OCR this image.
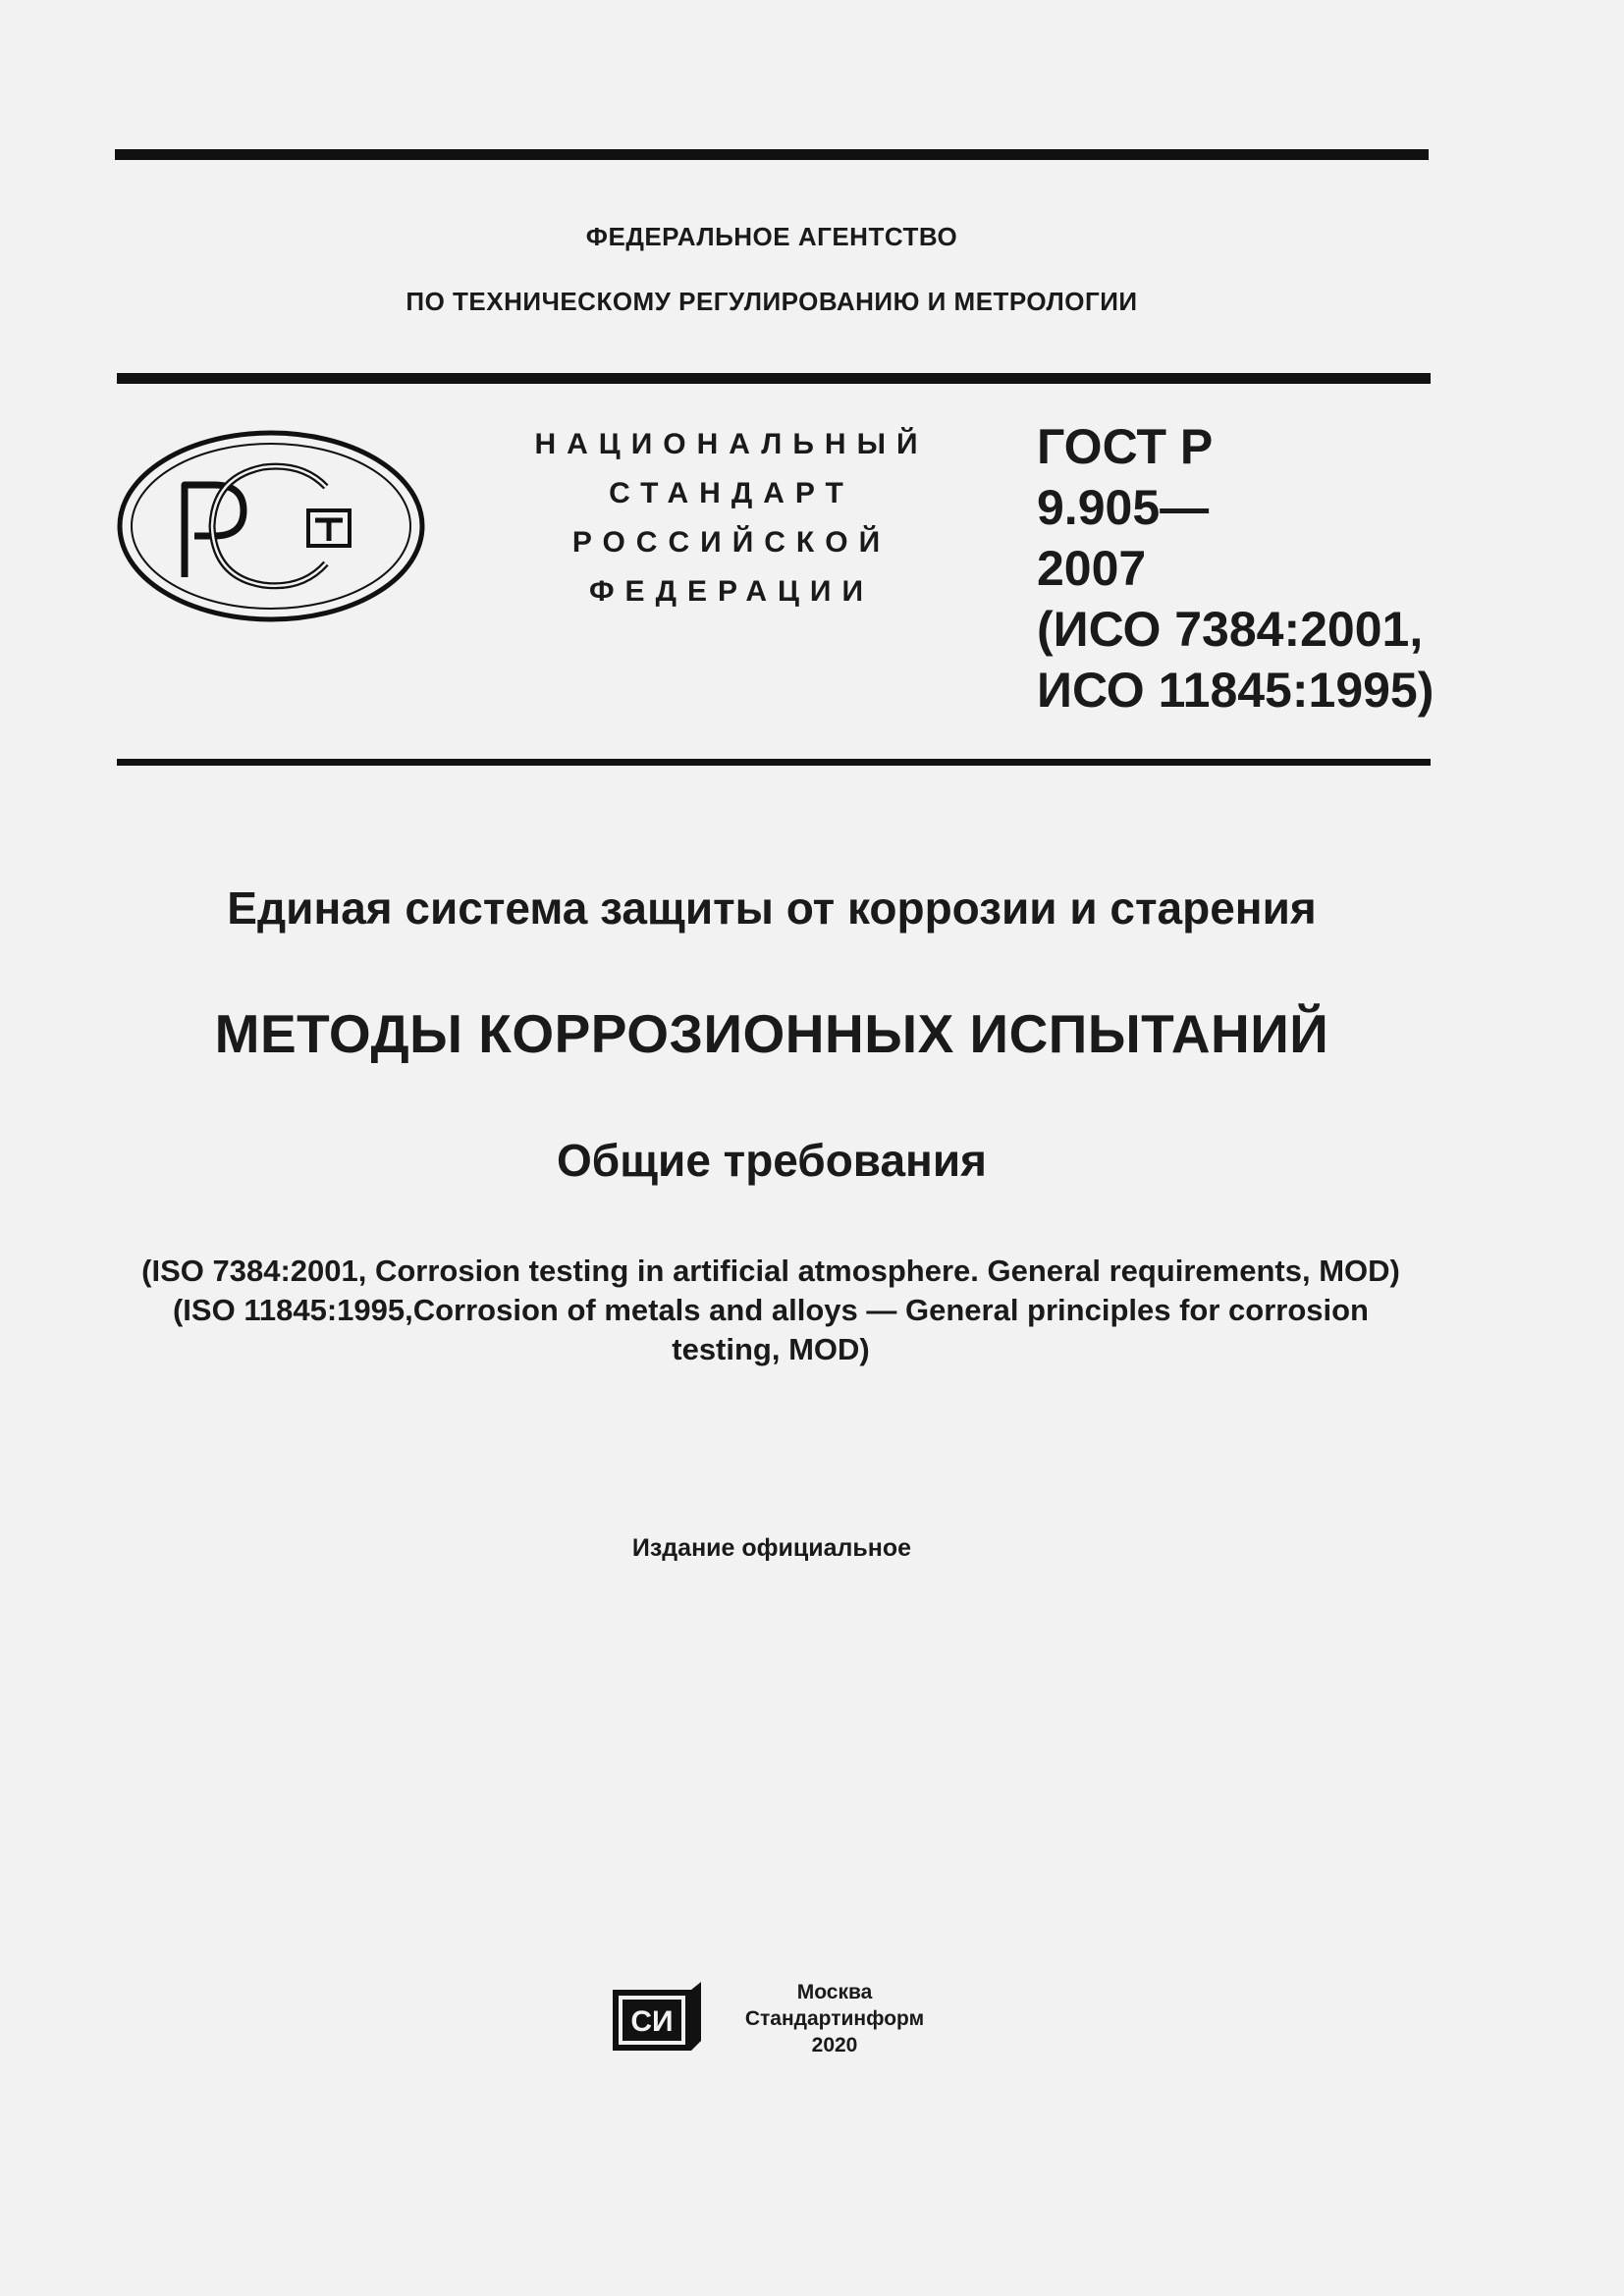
ФЕДЕРАЛЬНОЕ АГЕНТСТВО
ПО ТЕХНИЧЕСКОМУ РЕГУЛИРОВАНИЮ И МЕТРОЛОГИИ
НАЦИОНАЛЬНЫЙ
СТАНДАРТ
РОССИЙСКОЙ
ФЕДЕРАЦИИ
ГОСТ Р
9.905—
2007
(ИСО 7384:2001,
ИСО 11845:1995)
Единая система защиты от коррозии и старения
МЕТОДЫ КОРРОЗИОННЫХ ИСПЫТАНИЙ
Общие требования
(ISO 7384:2001, Corrosion testing in artificial atmosphere. General requirements, MOD)
(ISO 11845:1995,Corrosion of metals and alloys — General principles for corrosion
testing, MOD)
Издание официальное
СИ
Москва
Стандартинформ
2020
